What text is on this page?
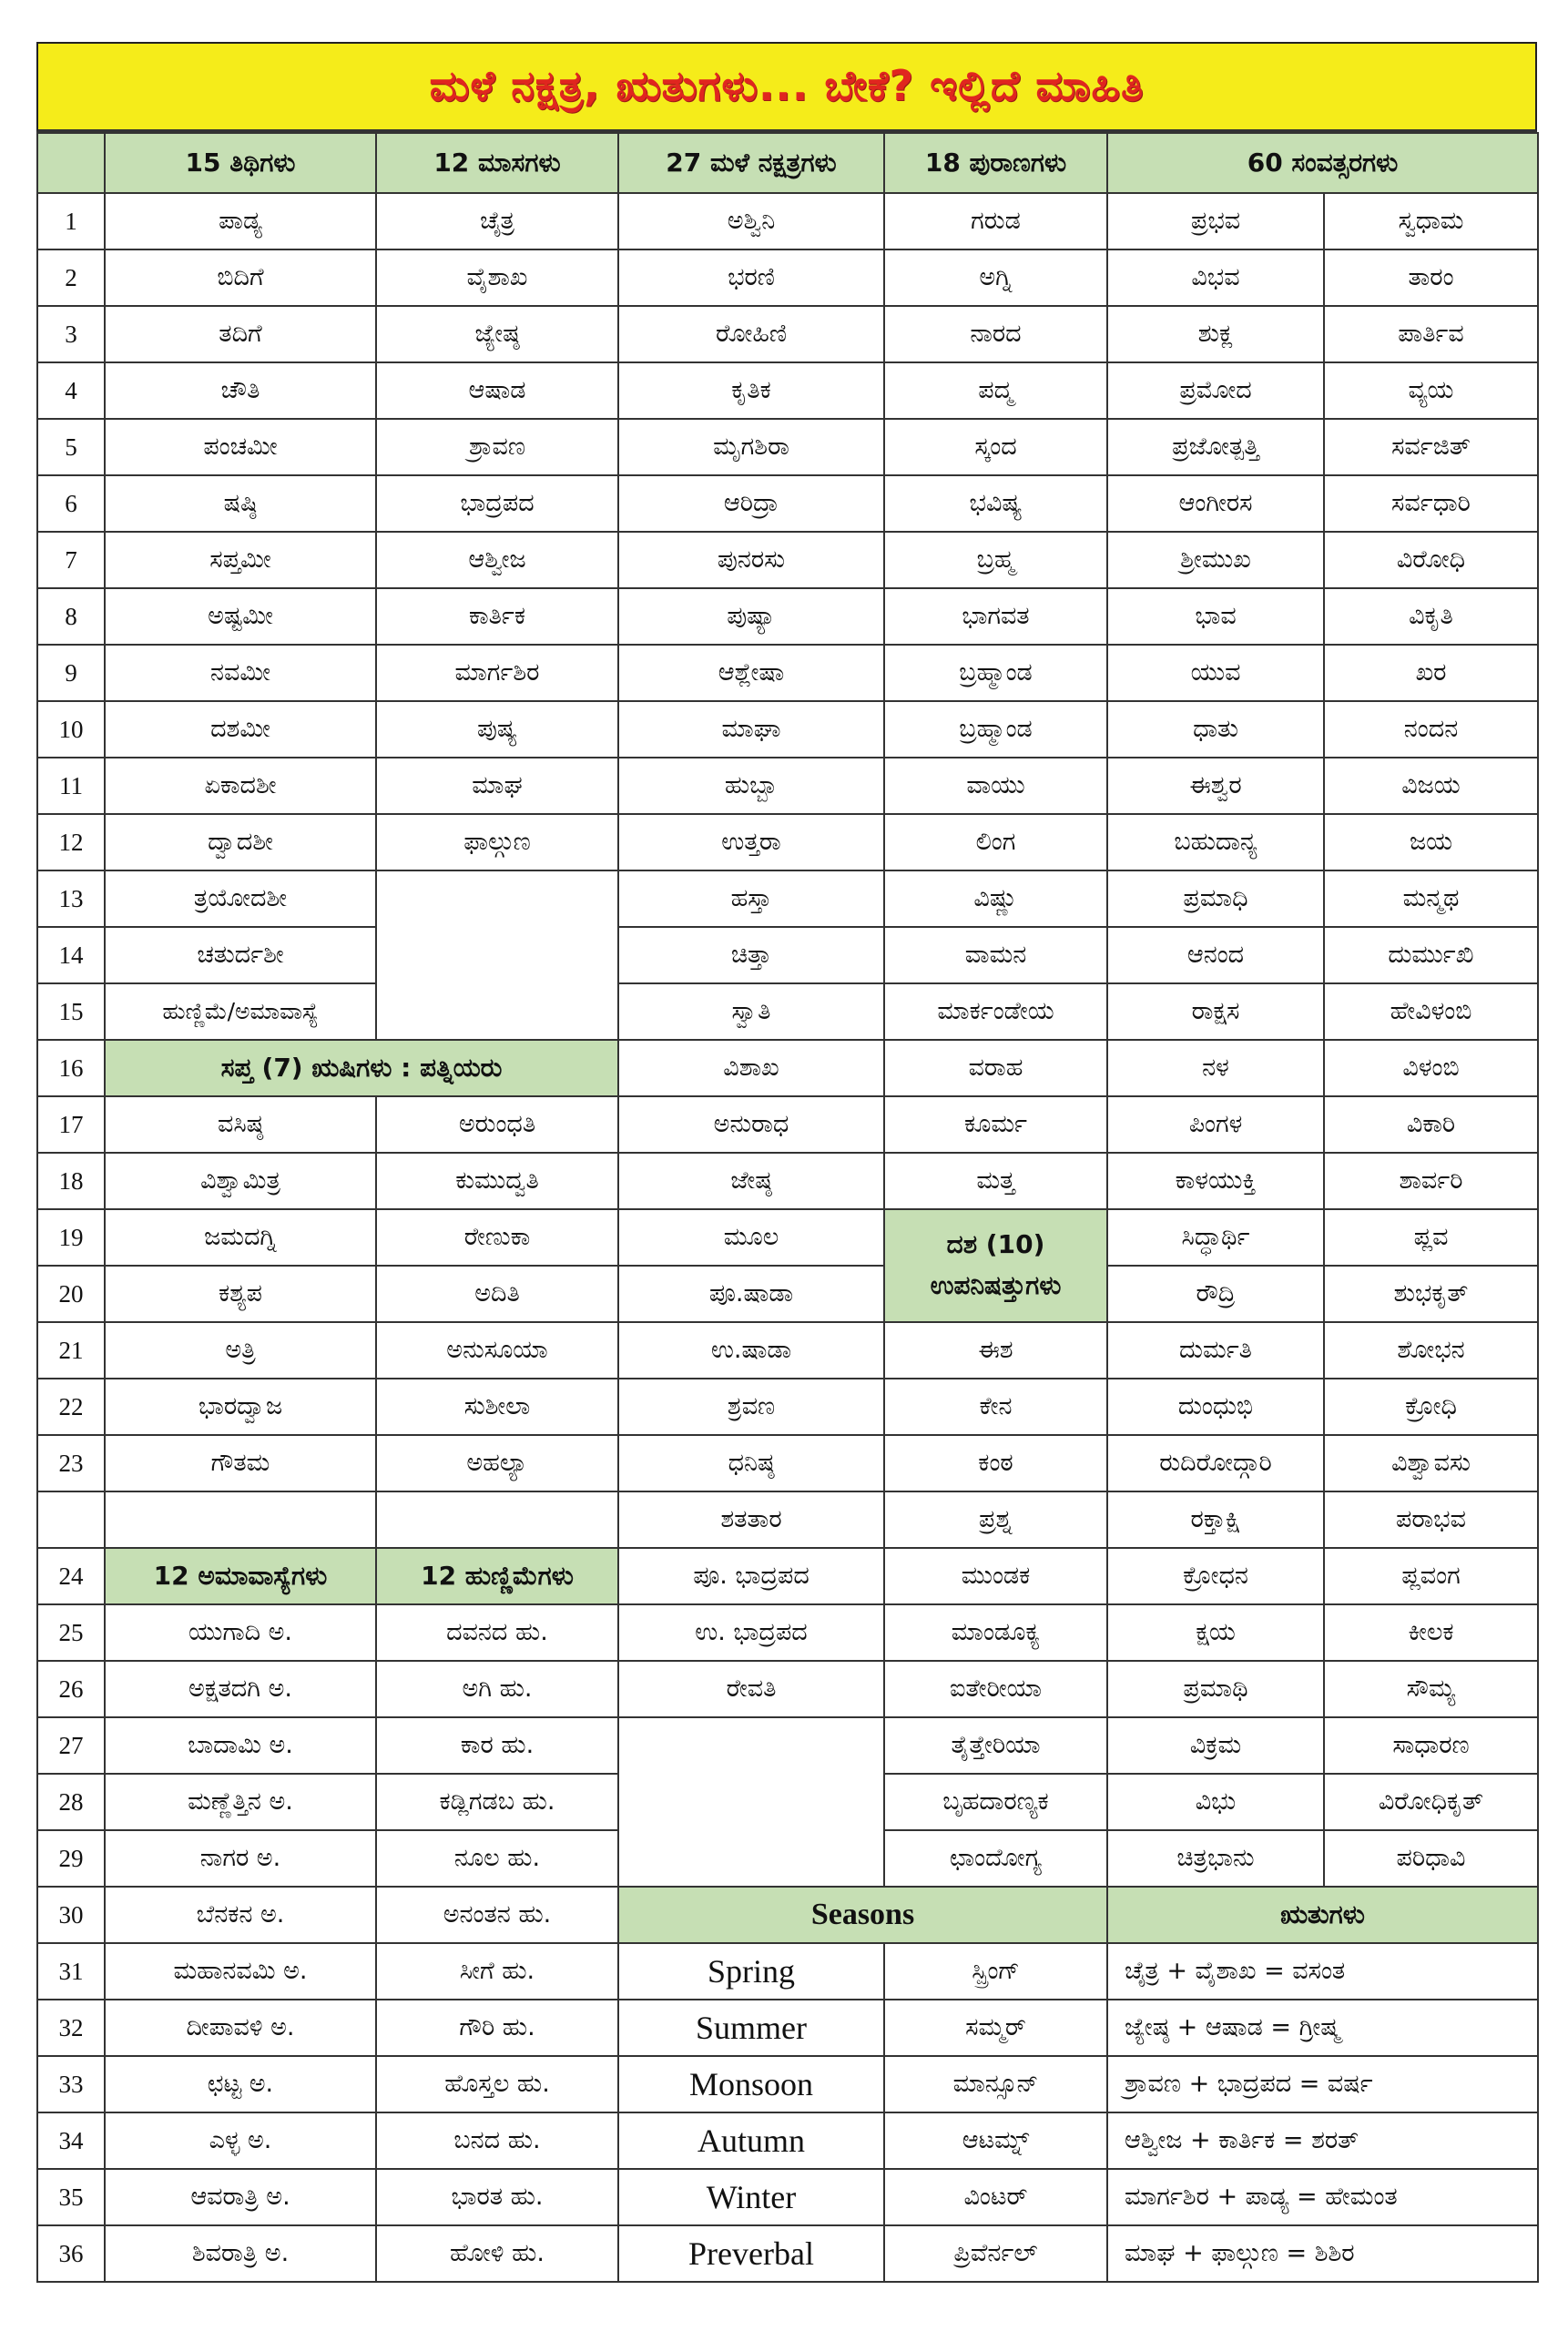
ಮಳೆ ನಕ್ಷತ್ರ, ಋತುಗಳು... ಬೇಕೆ? ಇಲ್ಲಿದೆ ಮಾಹಿತಿ
	15 ತಿಥಿಗಳು	12 ಮಾಸಗಳು	27 ಮಳೆ ನಕ್ಷತ್ರಗಳು	18 ಪುರಾಣಗಳು	60 ಸಂವತ್ಸರಗಳು	
1	ಪಾಡ್ಯ	ಚೈತ್ರ	ಅಶ್ವಿನಿ	ಗರುಡ	ಪ್ರಭವ	ಸ್ವಧಾಮ
2	ಬಿದಿಗೆ	ವೈಶಾಖ	ಭರಣಿ	ಅಗ್ನಿ	ವಿಭವ	ತಾರಂ
3	ತದಿಗೆ	ಜ್ಯೇಷ್ಠ	ರೋಹಿಣಿ	ನಾರದ	ಶುಕ್ಲ	ಪಾರ್ತಿವ
4	ಚೌತಿ	ಆಷಾಡ	ಕೃತಿಕ	ಪದ್ಮ	ಪ್ರಮೋದ	ವ್ಯಯ
5	ಪಂಚಮೀ	ಶ್ರಾವಣ	ಮೃಗಶಿರಾ	ಸ್ಕಂದ	ಪ್ರಜೋತ್ಪತ್ತಿ	ಸರ್ವಜಿತ್
6	ಷಷ್ಠಿ	ಭಾದ್ರಪದ	ಆರಿದ್ರಾ	ಭವಿಷ್ಯ	ಆಂಗೀರಸ	ಸರ್ವಧಾರಿ
7	ಸಪ್ತಮೀ	ಆಶ್ವೀಜ	ಪುನರಸು	ಬ್ರಹ್ಮ	ಶ್ರೀಮುಖ	ವಿರೋಧಿ
8	ಅಷ್ಟಮೀ	ಕಾರ್ತಿಕ	ಪುಷ್ಯಾ	ಭಾಗವತ	ಭಾವ	ವಿಕೃತಿ
9	ನವಮೀ	ಮಾರ್ಗಶಿರ	ಆಶ್ಲೇಷಾ	ಬ್ರಹ್ಮಾಂಡ	ಯುವ	ಖರ
10	ದಶಮೀ	ಪುಷ್ಯ	ಮಾಘಾ	ಬ್ರಹ್ಮಾಂಡ	ಧಾತು	ನಂದನ
11	ಏಕಾದಶೀ	ಮಾಘ	ಹುಬ್ಬಾ	ವಾಯು	ಈಶ್ವರ	ವಿಜಯ
12	ದ್ವಾದಶೀ	ಫಾಲ್ಗುಣ	ಉತ್ತರಾ	ಲಿಂಗ	ಬಹುದಾನ್ಯ	ಜಯ
13	ತ್ರಯೋದಶೀ		ಹಸ್ತಾ	ವಿಷ್ಣು	ಪ್ರಮಾಧಿ	ಮನ್ಮಥ
14	ಚತುರ್ದಶೀ		ಚಿತ್ತಾ	ವಾಮನ	ಆನಂದ	ದುರ್ಮುಖಿ
15	ಹುಣ್ಣಿಮೆ/ಅಮಾವಾಸ್ಯೆ		ಸ್ವಾತಿ	ಮಾರ್ಕಂಡೇಯ	ರಾಕ್ಷಸ	ಹೇವಿಳಂಬಿ
16	ಸಪ್ತ (7) ಋಷಿಗಳು : ಪತ್ನಿಯರು		ವಿಶಾಖ	ವರಾಹ	ನಳ	ವಿಳಂಬಿ
17	ವಸಿಷ್ಠ	ಅರುಂಧತಿ	ಅನುರಾಧ	ಕೂರ್ಮ	ಪಿಂಗಳ	ವಿಕಾರಿ
18	ವಿಶ್ವಾಮಿತ್ರ	ಕುಮುದ್ವತಿ	ಜೇಷ್ಠ	ಮತ್ತ	ಕಾಳಯುಕ್ತಿ	ಶಾರ್ವರಿ
19	ಜಮದಗ್ನಿ	ರೇಣುಕಾ	ಮೂಲ	ದಶ (10) ಉಪನಿಷತ್ತುಗಳು	ಸಿದ್ಧಾರ್ಥಿ	ಪ್ಲವ
20	ಕಶ್ಯಪ	ಅದಿತಿ	ಪೂ.ಷಾಡಾ		ರೌದ್ರಿ	ಶುಭಕೃತ್
21	ಅತ್ರಿ	ಅನುಸೂಯಾ	ಉ.ಷಾಡಾ	ಈಶ	ದುರ್ಮತಿ	ಶೋಭನ
22	ಭಾರದ್ವಾಜ	ಸುಶೀಲಾ	ಶ್ರವಣ	ಕೇನ	ದುಂಧುಭಿ	ಕ್ರೋಧಿ
23	ಗೌತಮ	ಅಹಲ್ಯಾ	ಧನಿಷ್ಠ	ಕಂಠ	ರುದಿರೋದ್ಗಾರಿ	ವಿಶ್ವಾವಸು
			ಶತತಾರ	ಪ್ರಶ್ನ	ರಕ್ತಾಕ್ಷಿ	ಪರಾಭವ
24	12 ಅಮಾವಾಸ್ಯೆಗಳು	12 ಹುಣ್ಣಿಮೆಗಳು	ಪೂ. ಭಾದ್ರಪದ	ಮುಂಡಕ	ಕ್ರೋಧನ	ಪ್ಲವಂಗ
25	ಯುಗಾದಿ ಅ.	ದವನದ ಹು.	ಉ. ಭಾದ್ರಪದ	ಮಾಂಡೂಕ್ಯ	ಕ್ಷಯ	ಕೀಲಕ
26	ಅಕ್ಷತದಗಿ ಅ.	ಅಗಿ ಹು.	ರೇವತಿ	ಐತೇರೀಯಾ	ಪ್ರಮಾಥಿ	ಸೌಮ್ಯ
27	ಬಾದಾಮಿ ಅ.	ಕಾರ ಹು.		ತೈತ್ತೇರಿಯಾ	ವಿಕ್ರಮ	ಸಾಧಾರಣ
28	ಮಣ್ಣೆತ್ತಿನ ಅ.	ಕಡ್ಲಿಗಡಬ ಹು.		ಬೃಹದಾರಣ್ಯಕ	ವಿಭು	ವಿರೋಧಿಕೃತ್
29	ನಾಗರ ಅ.	ನೂಲ ಹು.		ಛಾಂದೋಗ್ಯ	ಚಿತ್ರಭಾನು	ಪರಿಧಾವಿ
30	ಬೆನಕನ ಅ.	ಅನಂತನ ಹು.	Seasons		ಋತುಗಳು	
31	ಮಹಾನವಮಿ ಅ.	ಸೀಗೆ ಹು.	Spring	ಸ್ಪ್ರಿಂಗ್	ಚೈತ್ರ + ವೈಶಾಖ = ವಸಂತ	
32	ದೀಪಾವಳಿ ಅ.	ಗೌರಿ ಹು.	Summer	ಸಮ್ಮರ್	ಜ್ಯೇಷ್ಠ + ಆಷಾಡ = ಗ್ರೀಷ್ಮ	
33	ಛಟ್ಟ ಅ.	ಹೊಸ್ತಲ ಹು.	Monsoon	ಮಾನ್ಸೂನ್	ಶ್ರಾವಣ + ಭಾದ್ರಪದ = ವರ್ಷ	
34	ಎಳ್ಳ ಅ.	ಬನದ ಹು.	Autumn	ಆಟಮ್ನ್	ಆಶ್ವೀಜ + ಕಾರ್ತಿಕ = ಶರತ್	
35	ಆವರಾತ್ರಿ ಅ.	ಭಾರತ ಹು.	Winter	ವಿಂಟರ್	ಮಾರ್ಗಶಿರ + ಪಾಡ್ಯ = ಹೇಮಂತ	
36	ಶಿವರಾತ್ರಿ ಅ.	ಹೋಳಿ ಹು.	Preverbal	ಪ್ರಿವೆರ್ನಲ್	ಮಾಘ + ಫಾಲ್ಗುಣ = ಶಿಶಿರ	
